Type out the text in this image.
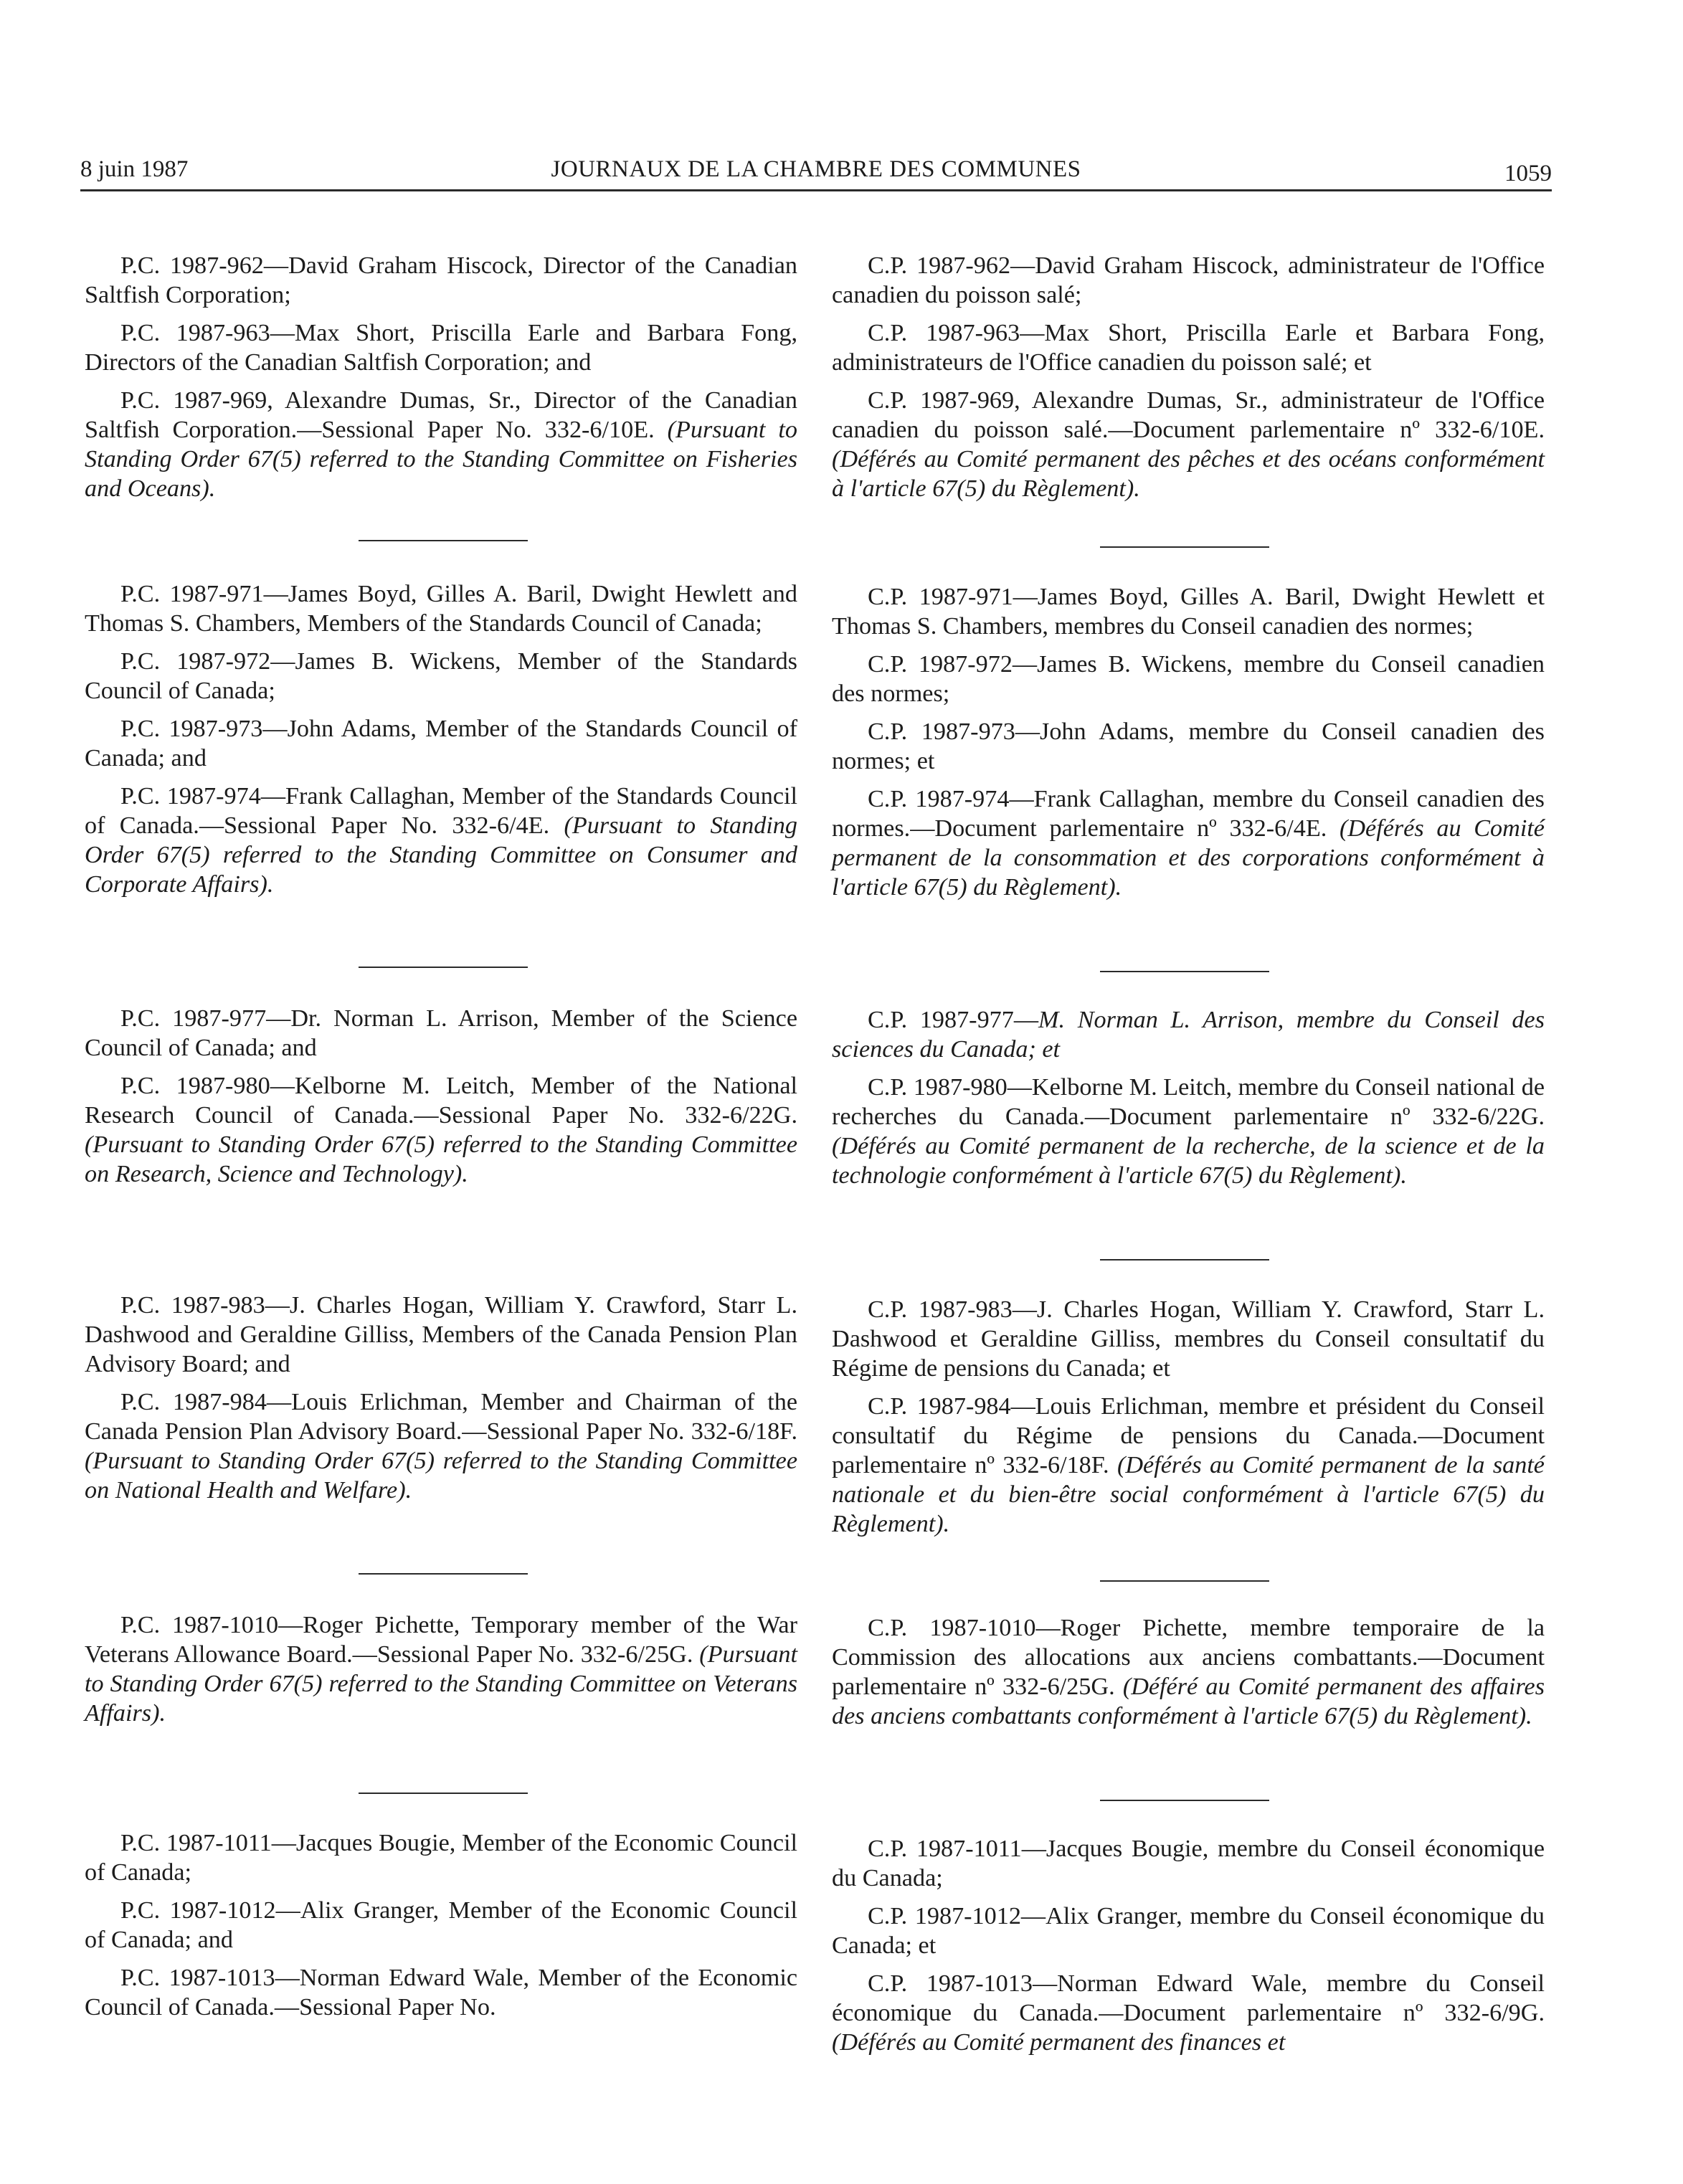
8 juin 1987	JOURNAUX DE LA CHAMBRE DES COMMUNES	1059

P.C. 1987-962—David Graham Hiscock, Director of the Canadian Saltfish Corporation;

P.C. 1987-963—Max Short, Priscilla Earle and Barbara Fong, Directors of the Canadian Saltfish Corporation; and

P.C. 1987-969, Alexandre Dumas, Sr., Director of the Canadian Saltfish Corporation.—Sessional Paper No. 332-6/10E. (Pursuant to Standing Order 67(5) referred to the Standing Committee on Fisheries and Oceans).

P.C. 1987-971—James Boyd, Gilles A. Baril, Dwight Hewlett and Thomas S. Chambers, Members of the Standards Council of Canada;

P.C. 1987-972—James B. Wickens, Member of the Standards Council of Canada;

P.C. 1987-973—John Adams, Member of the Standards Council of Canada; and

P.C. 1987-974—Frank Callaghan, Member of the Standards Council of Canada.—Sessional Paper No. 332-6/4E. (Pursuant to Standing Order 67(5) referred to the Standing Committee on Consumer and Corporate Affairs).

P.C. 1987-977—Dr. Norman L. Arrison, Member of the Science Council of Canada; and

P.C. 1987-980—Kelborne M. Leitch, Member of the National Research Council of Canada.—Sessional Paper No. 332-6/22G. (Pursuant to Standing Order 67(5) referred to the Standing Committee on Research, Science and Technology).

P.C. 1987-983—J. Charles Hogan, William Y. Crawford, Starr L. Dashwood and Geraldine Gilliss, Members of the Canada Pension Plan Advisory Board; and

P.C. 1987-984—Louis Erlichman, Member and Chairman of the Canada Pension Plan Advisory Board.—Sessional Paper No. 332-6/18F. (Pursuant to Standing Order 67(5) referred to the Standing Committee on National Health and Welfare).

P.C. 1987-1010—Roger Pichette, Temporary member of the War Veterans Allowance Board.—Sessional Paper No. 332-6/25G. (Pursuant to Standing Order 67(5) referred to the Standing Committee on Veterans Affairs).

P.C. 1987-1011—Jacques Bougie, Member of the Economic Council of Canada;

P.C. 1987-1012—Alix Granger, Member of the Economic Council of Canada; and

P.C. 1987-1013—Norman Edward Wale, Member of the Economic Council of Canada.—Sessional Paper No.

C.P. 1987-962—David Graham Hiscock, administrateur de l'Office canadien du poisson salé;

C.P. 1987-963—Max Short, Priscilla Earle et Barbara Fong, administrateurs de l'Office canadien du poisson salé; et

C.P. 1987-969, Alexandre Dumas, Sr., administrateur de l'Office canadien du poisson salé.—Document parlementaire nº 332-6/10E. (Déférés au Comité permanent des pêches et des océans conformément à l'article 67(5) du Règlement).

C.P. 1987-971—James Boyd, Gilles A. Baril, Dwight Hewlett et Thomas S. Chambers, membres du Conseil canadien des normes;

C.P. 1987-972—James B. Wickens, membre du Conseil canadien des normes;

C.P. 1987-973—John Adams, membre du Conseil canadien des normes; et

C.P. 1987-974—Frank Callaghan, membre du Conseil canadien des normes.—Document parlementaire nº 332-6/4E. (Déférés au Comité permanent de la consommation et des corporations conformément à l'article 67(5) du Règlement).

C.P. 1987-977—M. Norman L. Arrison, membre du Conseil des sciences du Canada; et

C.P. 1987-980—Kelborne M. Leitch, membre du Conseil national de recherches du Canada.—Document parlementaire nº 332-6/22G. (Déférés au Comité permanent de la recherche, de la science et de la technologie conformément à l'article 67(5) du Règlement).

C.P. 1987-983—J. Charles Hogan, William Y. Crawford, Starr L. Dashwood et Geraldine Gilliss, membres du Conseil consultatif du Régime de pensions du Canada; et

C.P. 1987-984—Louis Erlichman, membre et président du Conseil consultatif du Régime de pensions du Canada.—Document parlementaire nº 332-6/18F. (Déférés au Comité permanent de la santé nationale et du bien-être social conformément à l'article 67(5) du Règlement).

C.P. 1987-1010—Roger Pichette, membre temporaire de la Commission des allocations aux anciens combattants.—Document parlementaire nº 332-6/25G. (Déféré au Comité permanent des affaires des anciens combattants conformément à l'article 67(5) du Règlement).

C.P. 1987-1011—Jacques Bougie, membre du Conseil économique du Canada;

C.P. 1987-1012—Alix Granger, membre du Conseil économique du Canada; et

C.P. 1987-1013—Norman Edward Wale, membre du Conseil économique du Canada.—Document parlementaire nº 332-6/9G. (Déférés au Comité permanent des finances et
